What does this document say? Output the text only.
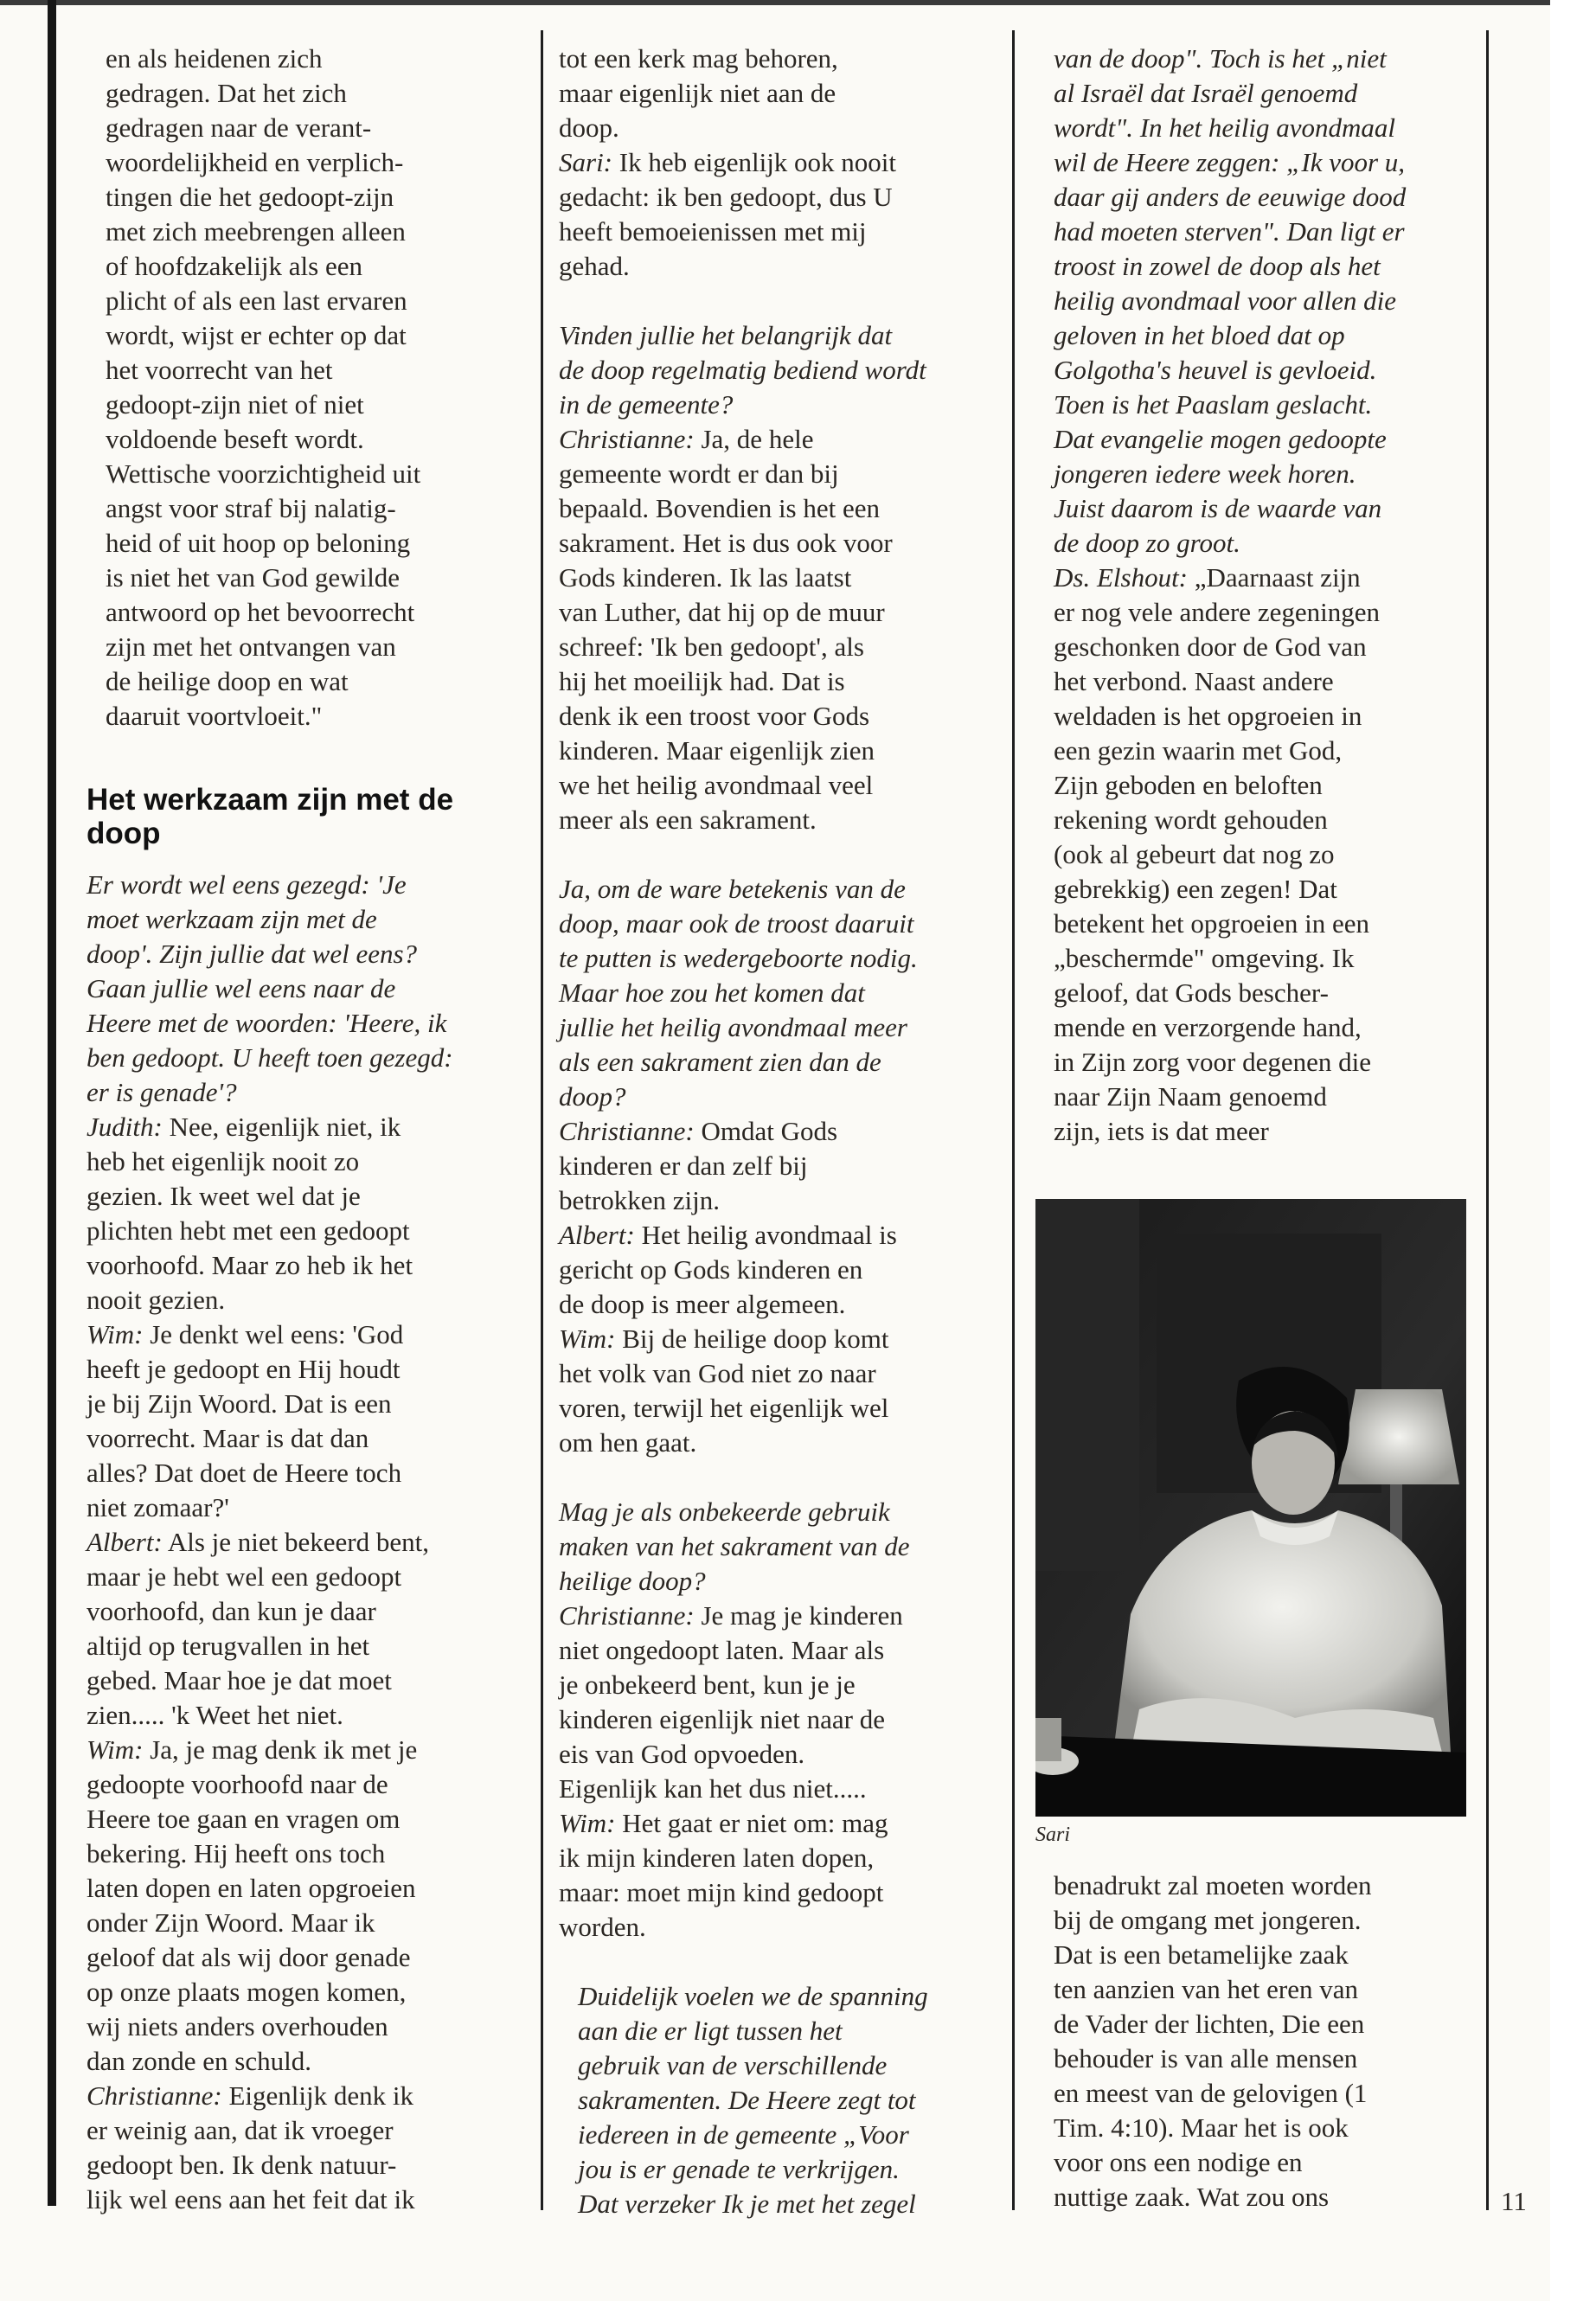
en als heidenen zich
gedragen. Dat het zich
gedragen naar de verant-
woordelijkheid en verplich-
tingen die het gedoopt-zijn
met zich meebrengen alleen
of hoofdzakelijk als een
plicht of als een last ervaren
wordt, wijst er echter op dat
het voorrecht van het
gedoopt-zijn niet of niet
voldoende beseft wordt.
Wettische voorzichtigheid uit
angst voor straf bij nalatig-
heid of uit hoop op beloning
is niet het van God gewilde
antwoord op het bevoorrecht
zijn met het ontvangen van
de heilige doop en wat
daaruit voortvloeit."
Het werkzaam zijn met de doop
Er wordt wel eens gezegd: 'Je
moet werkzaam zijn met de
doop'. Zijn jullie dat wel eens?
Gaan jullie wel eens naar de
Heere met de woorden: 'Heere, ik
ben gedoopt. U heeft toen gezegd:
er is genade'?
Judith: Nee, eigenlijk niet, ik
heb het eigenlijk nooit zo
gezien. Ik weet wel dat je
plichten hebt met een gedoopt
voorhoofd. Maar zo heb ik het
nooit gezien.
Wim: Je denkt wel eens: 'God
heeft je gedoopt en Hij houdt
je bij Zijn Woord. Dat is een
voorrecht. Maar is dat dan
alles? Dat doet de Heere toch
niet zomaar?'
Albert: Als je niet bekeerd bent,
maar je hebt wel een gedoopt
voorhoofd, dan kun je daar
altijd op terugvallen in het
gebed. Maar hoe je dat moet
zien..... 'k Weet het niet.
Wim: Ja, je mag denk ik met je
gedoopte voorhoofd naar de
Heere toe gaan en vragen om
bekering. Hij heeft ons toch
laten dopen en laten opgroeien
onder Zijn Woord. Maar ik
geloof dat als wij door genade
op onze plaats mogen komen,
wij niets anders overhouden
dan zonde en schuld.
Christianne: Eigenlijk denk ik
er weinig aan, dat ik vroeger
gedoopt ben. Ik denk natuur-
lijk wel eens aan het feit dat ik
tot een kerk mag behoren,
maar eigenlijk niet aan de
doop.
Sari: Ik heb eigenlijk ook nooit
gedacht: ik ben gedoopt, dus U
heeft bemoeienissen met mij
gehad.
Vinden jullie het belangrijk dat
de doop regelmatig bediend wordt
in de gemeente?
Christianne: Ja, de hele
gemeente wordt er dan bij
bepaald. Bovendien is het een
sakrament. Het is dus ook voor
Gods kinderen. Ik las laatst
van Luther, dat hij op de muur
schreef: 'Ik ben gedoopt', als
hij het moeilijk had. Dat is
denk ik een troost voor Gods
kinderen. Maar eigenlijk zien
we het heilig avondmaal veel
meer als een sakrament.
Ja, om de ware betekenis van de
doop, maar ook de troost daaruit
te putten is wedergeboorte nodig.
Maar hoe zou het komen dat
jullie het heilig avondmaal meer
als een sakrament zien dan de
doop?
Christianne: Omdat Gods
kinderen er dan zelf bij
betrokken zijn.
Albert: Het heilig avondmaal is
gericht op Gods kinderen en
de doop is meer algemeen.
Wim: Bij de heilige doop komt
het volk van God niet zo naar
voren, terwijl het eigenlijk wel
om hen gaat.
Mag je als onbekeerde gebruik
maken van het sakrament van de
heilige doop?
Christianne: Je mag je kinderen
niet ongedoopt laten. Maar als
je onbekeerd bent, kun je je
kinderen eigenlijk niet naar de
eis van God opvoeden.
Eigenlijk kan het dus niet.....
Wim: Het gaat er niet om: mag
ik mijn kinderen laten dopen,
maar: moet mijn kind gedoopt
worden.
Duidelijk voelen we de spanning
aan die er ligt tussen het
gebruik van de verschillende
sakramenten. De Heere zegt tot
iedereen in de gemeente „Voor
jou is er genade te verkrijgen.
Dat verzeker Ik je met het zegel
van de doop". Toch is het „niet
al Israël dat Israël genoemd
wordt". In het heilig avondmaal
wil de Heere zeggen: „Ik voor u,
daar gij anders de eeuwige dood
had moeten sterven". Dan ligt er
troost in zowel de doop als het
heilig avondmaal voor allen die
geloven in het bloed dat op
Golgotha's heuvel is gevloeid.
Toen is het Paaslam geslacht.
Dat evangelie mogen gedoopte
jongeren iedere week horen.
Juist daarom is de waarde van
de doop zo groot.
Ds. Elshout: „Daarnaast zijn
er nog vele andere zegeningen
geschonken door de God van
het verbond. Naast andere
weldaden is het opgroeien in
een gezin waarin met God,
Zijn geboden en beloften
rekening wordt gehouden
(ook al gebeurt dat nog zo
gebrekkig) een zegen! Dat
betekent het opgroeien in een
„beschermde" omgeving. Ik
geloof, dat Gods bescher-
mende en verzorgende hand,
in Zijn zorg voor degenen die
naar Zijn Naam genoemd
zijn, iets is dat meer
Sari
benadrukt zal moeten worden
bij de omgang met jongeren.
Dat is een betamelijke zaak
ten aanzien van het eren van
de Vader der lichten, Die een
behouder is van alle mensen
en meest van de gelovigen (1
Tim. 4:10). Maar het is ook
voor ons een nodige en
nuttige zaak. Wat zou ons	11
